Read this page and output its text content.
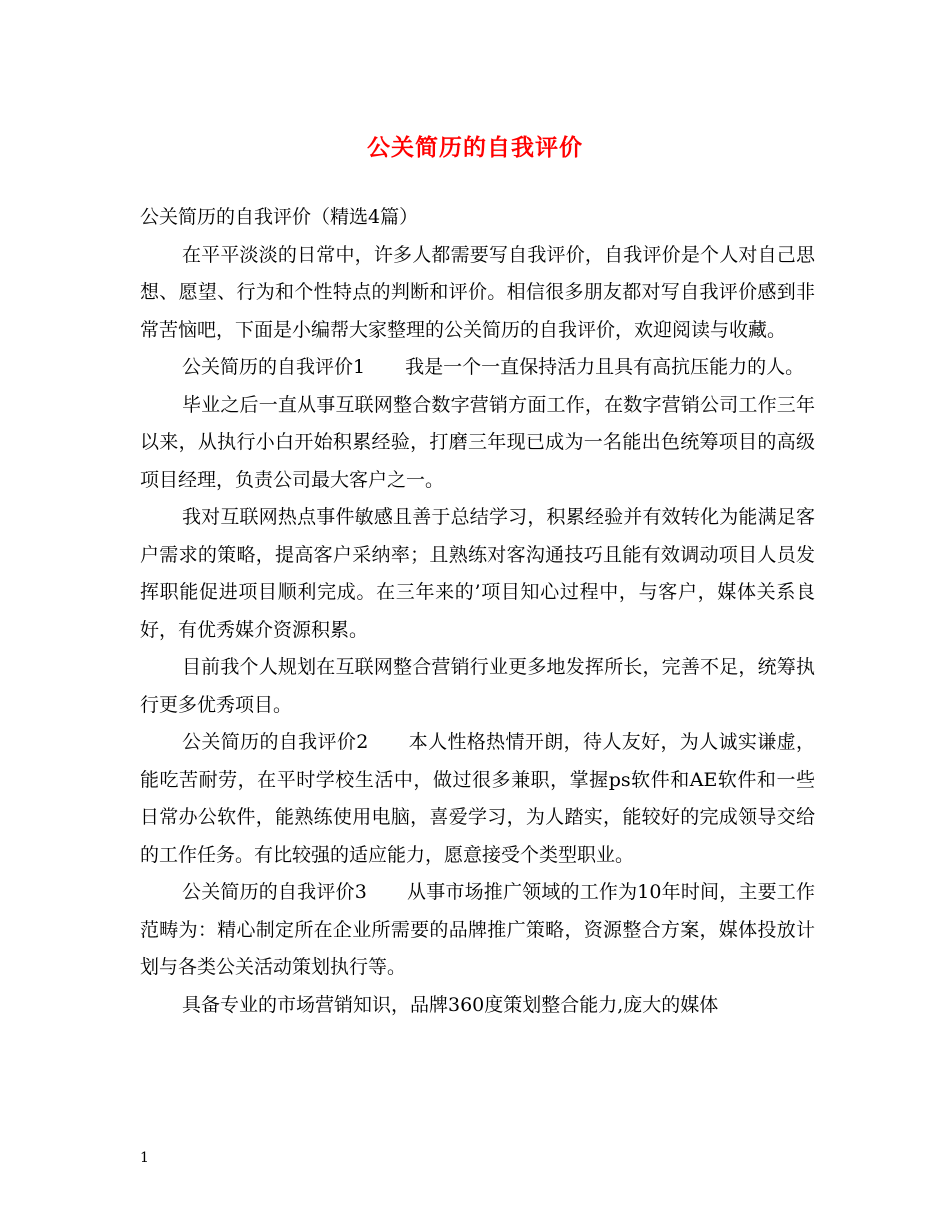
公关简历的自我评价

公关简历的自我评价（精选4篇）

在平平淡淡的日常中，许多人都需要写自我评价，自我评价是个人对自己思想、愿望、行为和个性特点的判断和评价。相信很多朋友都对写自我评价感到非常苦恼吧，下面是小编帮大家整理的公关简历的自我评价，欢迎阅读与收藏。

公关简历的自我评价1 我是一个一直保持活力且具有高抗压能力的人。

毕业之后一直从事互联网整合数字营销方面工作，在数字营销公司工作三年以来，从执行小白开始积累经验，打磨三年现已成为一名能出色统筹项目的高级项目经理，负责公司最大客户之一。

我对互联网热点事件敏感且善于总结学习，积累经验并有效转化为能满足客户需求的策略，提高客户采纳率；且熟练对客沟通技巧且能有效调动项目人员发挥职能促进项目顺利完成。在三年来的’项目知心过程中，与客户，媒体关系良好，有优秀媒介资源积累。

目前我个人规划在互联网整合营销行业更多地发挥所长，完善不足，统筹执行更多优秀项目。

公关简历的自我评价2 本人性格热情开朗，待人友好，为人诚实谦虚，能吃苦耐劳，在平时学校生活中，做过很多兼职，掌握ps软件和AE软件和一些日常办公软件，能熟练使用电脑，喜爱学习，为人踏实，能较好的完成领导交给的工作任务。有比较强的适应能力，愿意接受个类型职业。

公关简历的自我评价3 从事市场推广领域的工作为10年时间，主要工作范畴为：精心制定所在企业所需要的品牌推广策略，资源整合方案，媒体投放计划与各类公关活动策划执行等。

具备专业的市场营销知识，品牌360度策划整合能力,庞大的媒体

1
